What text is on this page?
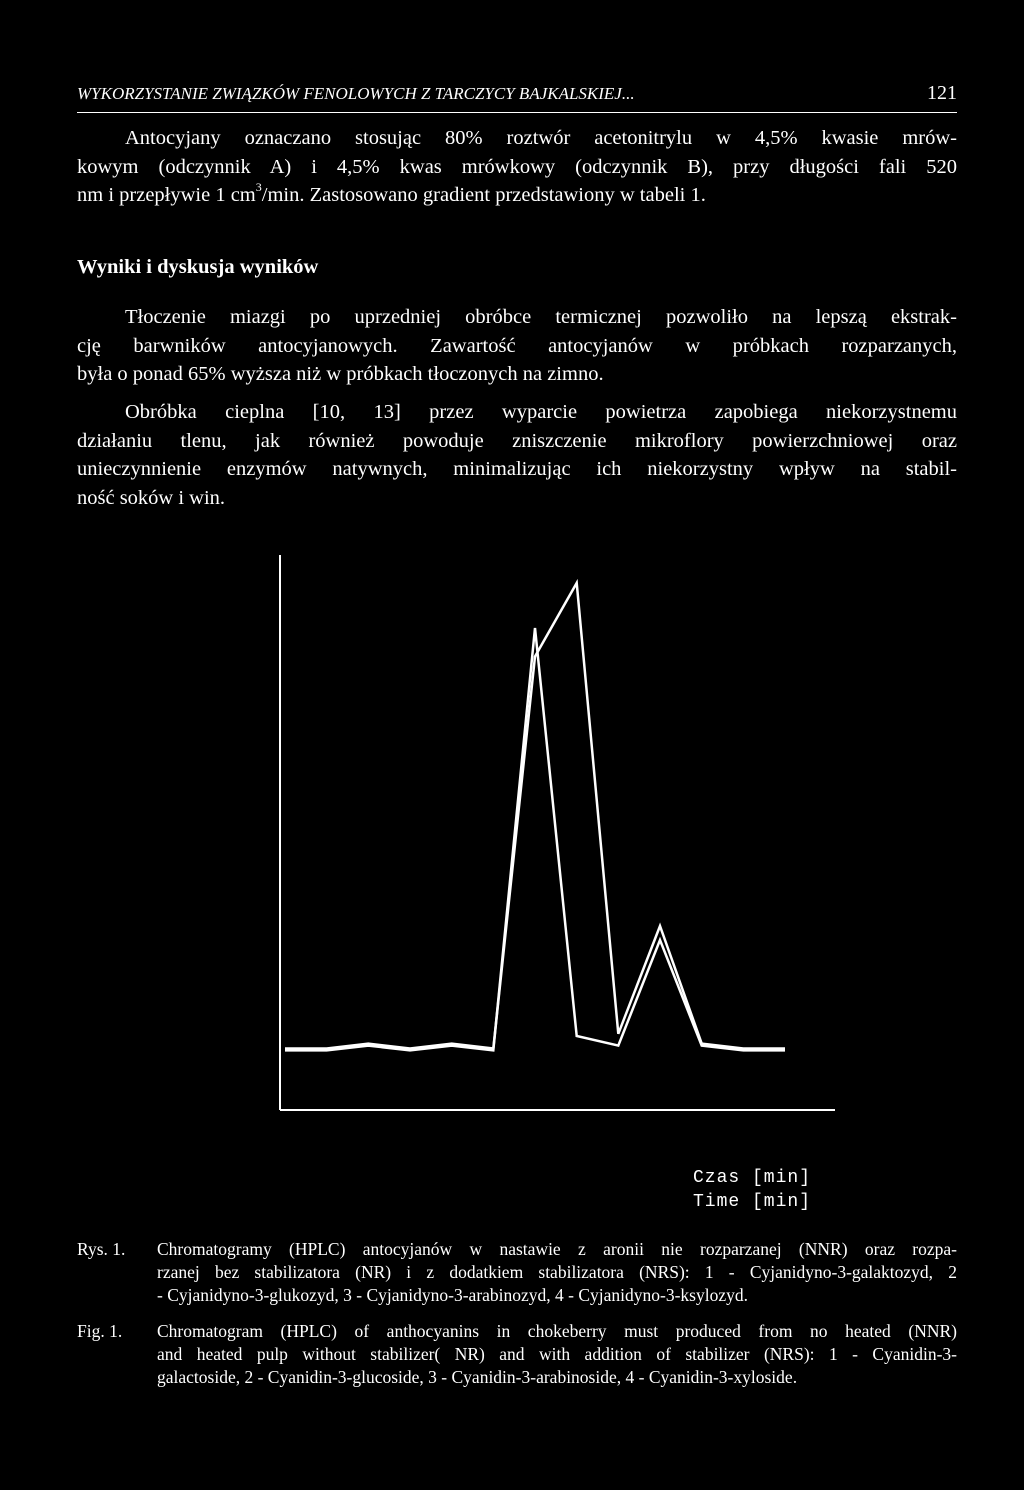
WYKORZYSTANIE ZWIĄZKÓW FENOLOWYCH Z TARCZYCY BAJKALSKIEJ...	121
Antocyjany oznaczano stosując 80% roztwór acetonitrylu w 4,5% kwasie mrów-
kowym (odczynnik A) i 4,5% kwas mrówkowy (odczynnik B), przy długości fali 520
nm i przepływie 1 $cm^3/\min$. Zastosowano gradient przedstawiony w tabeli 1.
Wyniki i dyskusja wyników
Tłoczenie miazgi po uprzedniej obróbce termicznej pozwoliło na lepszą ekstrak-
cję barwników antocyjanowych. Zawartość antocyjanów w próbkach rozparzanych,
była o ponad 65% wyższa niż w próbkach tłoczonych na zimno.
Obróbka cieplna [10, 13] przez wyparcie powietrza zapobiega niekorzystnemu
działaniu tlenu, jak również powoduje zniszczenie mikroflory powierzchniowej oraz
unieczynnienie enzymów natywnych, minimalizując ich niekorzystny wpływ na stabil-
ność soków i win.
Czas [min]
Time [min]
Rys. 1.	Chromatogramy (HPLC) antocyjanów w nastawie z aronii nie rozparzanej (NNR) oraz rozpa-
rzanej bez stabilizatora (NR) i z dodatkiem stabilizatora (NRS): 1 - Cyjanidyno-3-galaktozyd, 2
- Cyjanidyno-3-glukozyd, 3 - Cyjanidyno-3-arabinozyd, 4 - Cyjanidyno-3-ksylozyd.
Fig. 1.	Chromatogram (HPLC) of anthocyanins in chokeberry must produced from no heated (NNR)
and heated pulp without stabilizer( NR) and with addition of stabilizer (NRS): 1 - Cyanidin-3-
galactoside, 2 - Cyanidin-3-glucoside, 3 - Cyanidin-3-arabinoside, 4 - Cyanidin-3-xyloside.
